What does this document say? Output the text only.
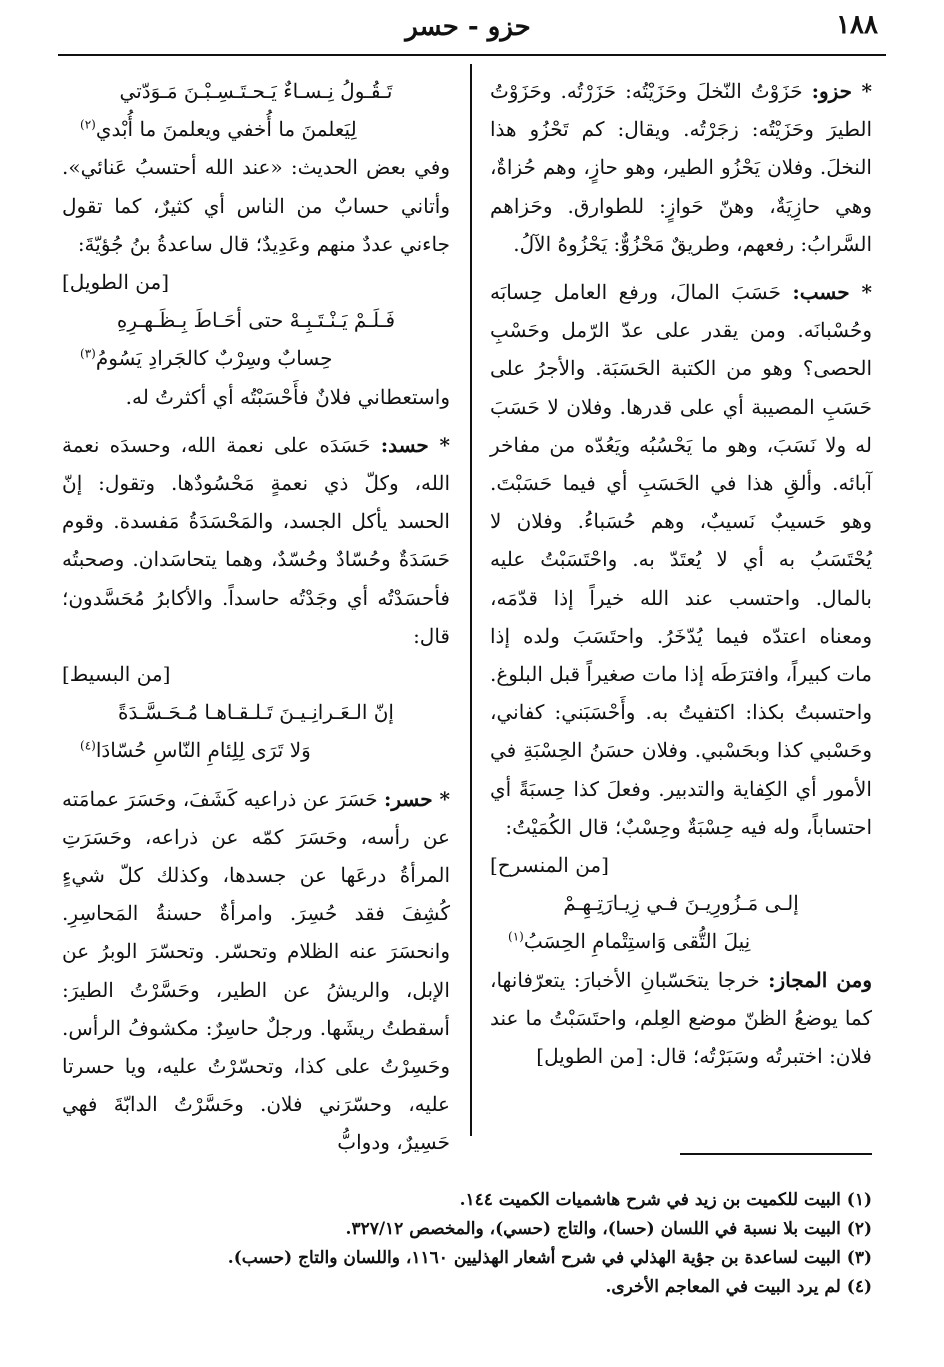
١٨٨
حزو - حسر

* حزو: حَزَوْتُ النّخلَ وحَزَيْتُه: حَزَرْتُه. وحَزَوْتُ الطيرَ وحَزَيْتُه: زجَرْتُه. ويقال: كم تَحْزُو هذا النخلَ. وفلان يَحْزُو الطير، وهو حازٍ، وهم حُزاةٌ، وهي حازِيَةٌ، وهنّ حَوازٍ: للطوارق. وحَزاهم السَّرابُ: رفعهم، وطريقٌ مَحْزُوٌّ: يَحْزُوهُ الآلُ.

* حسب: حَسَبَ المالَ، ورفع العامل حِسابَه وحُسْبانَه. ومن يقدر على عدّ الرّمل وحَسْبِ الحصى؟ وهو من الكتبة الحَسَبَة. والأجرُ على حَسَبِ المصيبة أي على قدرها. وفلان لا حَسَبَ له ولا نَسَبَ، وهو ما يَحْسُبُه ويَعُدّه من مفاخر آبائه. وألقِ هذا في الحَسَبِ أي فيما حَسَبْتَ. وهو حَسيبٌ نَسيبٌ، وهم حُسَباءُ. وفلان لا يُحْتَسَبُ به أي لا يُعتَدّ به. واحْتَسَبْتُ عليه بالمال. واحتسب عند الله خيراً إذا قدّمَه، ومعناه اعتدّه فيما يُدّخَرُ. واحتَسَبَ ولده إذا مات كبيراً، وافترَطَه إذا مات صغيراً قبل البلوغ. واحتسبتُ بكذا: اكتفيتُ به. وأَحْسَبَني: كفاني، وحَسْبي كذا وبحَسْبي. وفلان حسَنُ الحِسْبَةِ في الأمور أي الكِفاية والتدبير. وفعلَ كذا حِسبَةً أي احتساباً، وله فيه حِسْبَةٌ وحِسْبٌ؛ قال الكُمَيْتُ:

[من المنسرح]

إلـى مَـزُورِيـنَ فـي زِيـارَتِـهِـمْ

نِيلَ التُّقى وَاستِتْمامِ الحِسَبُ$^{(١)}$

ومن المجاز: خرجا يتحَسّبانِ الأخبارَ: يتعرّفانها، كما يوضعُ الظنّ موضع العِلم، واحتَسَبْتُ ما عند فلان: اختبرتُه وسَبَرْتُه؛ قال: [من الطويل]

تَـقُـولُ نِـسـاءٌ يَـحـتَـسِـبْـنَ مَـوَدّتي

لِيَعلمنَ ما أُخفي ويعلمنَ ما أُبْدي$^{(٢)}$

وفي بعض الحديث: «عند الله أحتسبُ عَنائي». وأتاني حسابٌ من الناس أي كثيرٌ، كما تقول جاءني عددٌ منهم وعَدِيدٌ؛ قال ساعدةُ بنُ جُؤيّةَ:

[من الطويل]

فَـلَـمْ يَـنْـتَـبِـهْ حتى أحَـاطَ بِـظَـهـرِهِ

حِسابٌ وسِرْبٌ كالجَرادِ يَسُومُ$^{(٣)}$

واستعطاني فلانٌ فأَحْسَبْتُه أي أكثرتُ له.

* حسد: حَسَدَه على نعمة الله، وحسدَه نعمة الله، وكلّ ذي نعمةٍ مَحْسُودٌها. وتقول: إنّ الحسد يأكل الجسد، والمَحْسَدَةُ مَفسدة. وقوم حَسَدَةٌ وحُسّادٌ وحُسّدٌ، وهما يتحاسَدان. وصحبتُه فأحسَدْتُه أي وجَدْتُه حاسداً. والأكابرُ مُحَسَّدون؛ قال:

[من البسيط]

إنّ الـعَـرانِـيـنَ تَـلـقـاهـا مُـحَـسَّـدَةً

وَلا تَرَى لِلِئامِ النّاسِ حُسّادَا$^{(٤)}$

* حسر: حَسَرَ عن ذراعيه كَشَفَ، وحَسَرَ عمامَته عن رأسه، وحَسَرَ كمّه عن ذراعه، وحَسَرَتِ المرأةُ درعَها عن جسدها، وكذلك كلّ شيءٍ كُشِفَ فقد حُسِرَ. وامرأةٌ حسنةُ المَحاسِرِ. وانحسَرَ عنه الظلام وتحسّر. وتحسّرَ الوبرُ عن الإبل، والريشُ عن الطير، وحَسَّرْتُ الطيرَ: أسقطتُ ريشَها. ورجلٌ حاسِرٌ: مكشوفُ الرأس. وحَسِرْتُ على كذا، وتحسّرْتُ عليه، ويا حسرتا عليه، وحسّرَني فلان. وحَسَّرْتُ الدابّةَ فهي حَسِيرٌ، ودوابُّ

(١) البيت للكميت بن زيد في شرح هاشميات الكميت ١٤٤.

(٢) البيت بلا نسبة في اللسان (حسا)، والتاج (حسي)، والمخصص ٣٢٧/١٢.

(٣) البيت لساعدة بن جؤية الهذلي في شرح أشعار الهذليين ١١٦٠، واللسان والتاج (حسب).

(٤) لم يرد البيت في المعاجم الأخرى.
